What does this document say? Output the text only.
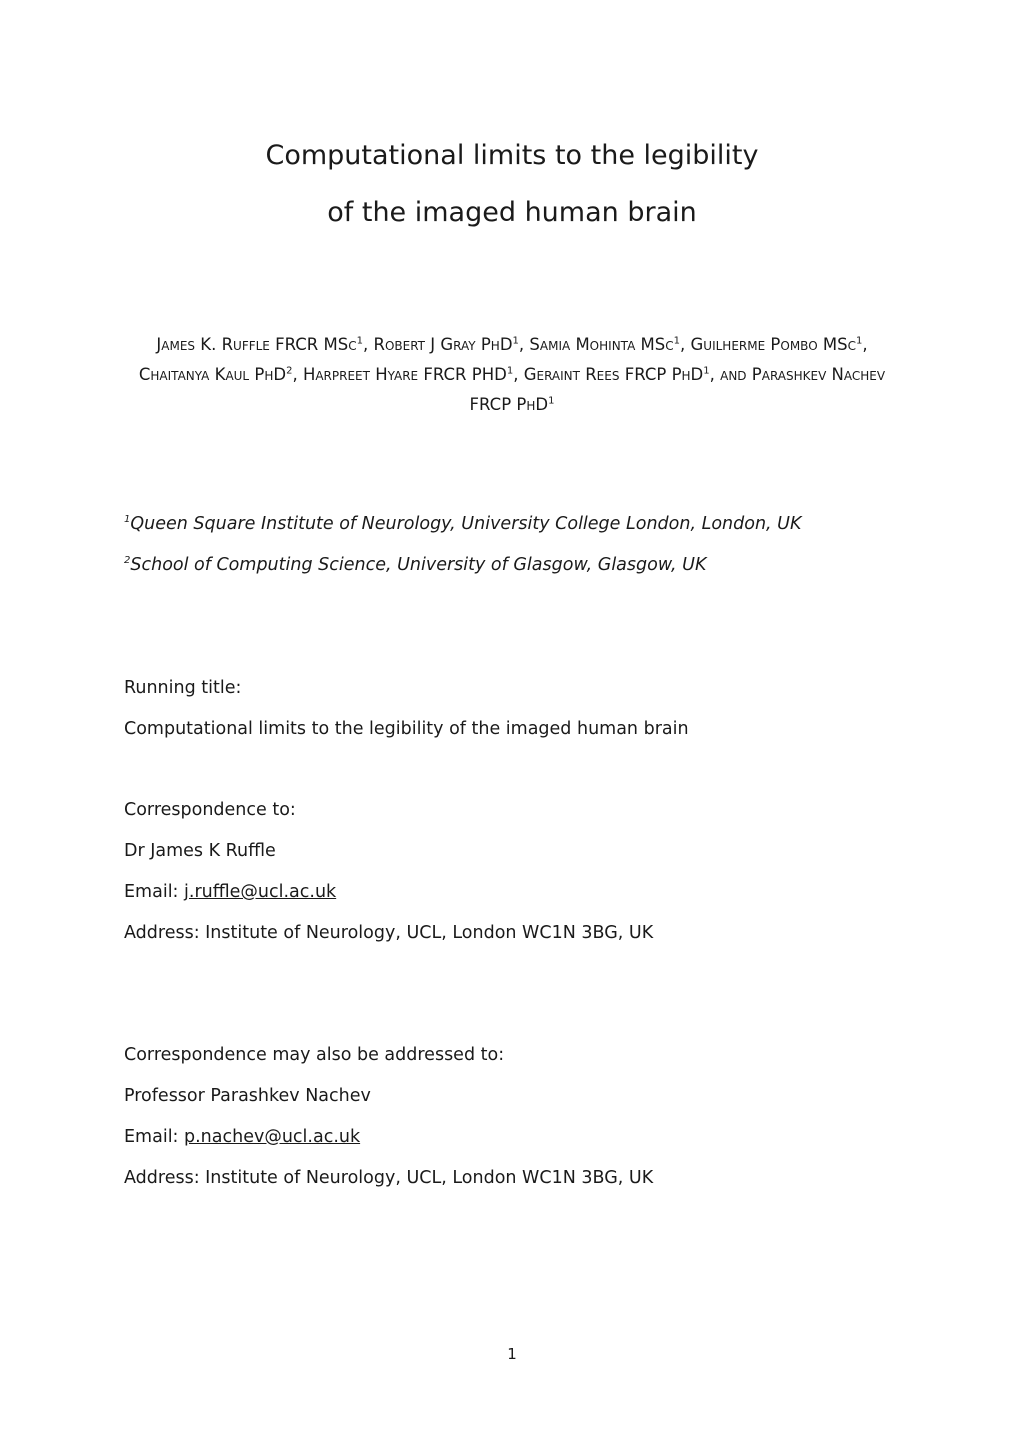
Computational limits to the legibility
of the imaged human brain

James K. Ruffle FRCR MSc$^1$, Robert J Gray PhD$^1$, Samia Mohinta MSc$^1$, Guilherme Pombo MSc$^1$, Chaitanya Kaul PhD$^2$, Harpreet Hyare FRCR PHD$^1$, Geraint Rees FRCP PhD$^1$, and Parashkev Nachev FRCP PhD$^1$

$^1$Queen Square Institute of Neurology, University College London, London, UK

$^2$School of Computing Science, University of Glasgow, Glasgow, UK

Running title:

Computational limits to the legibility of the imaged human brain

Correspondence to:

Dr James K Ruffle

Email: j.ruffle@ucl.ac.uk

Address: Institute of Neurology, UCL, London WC1N 3BG, UK

Correspondence may also be addressed to:

Professor Parashkev Nachev

Email: p.nachev@ucl.ac.uk

Address: Institute of Neurology, UCL, London WC1N 3BG, UK

1
